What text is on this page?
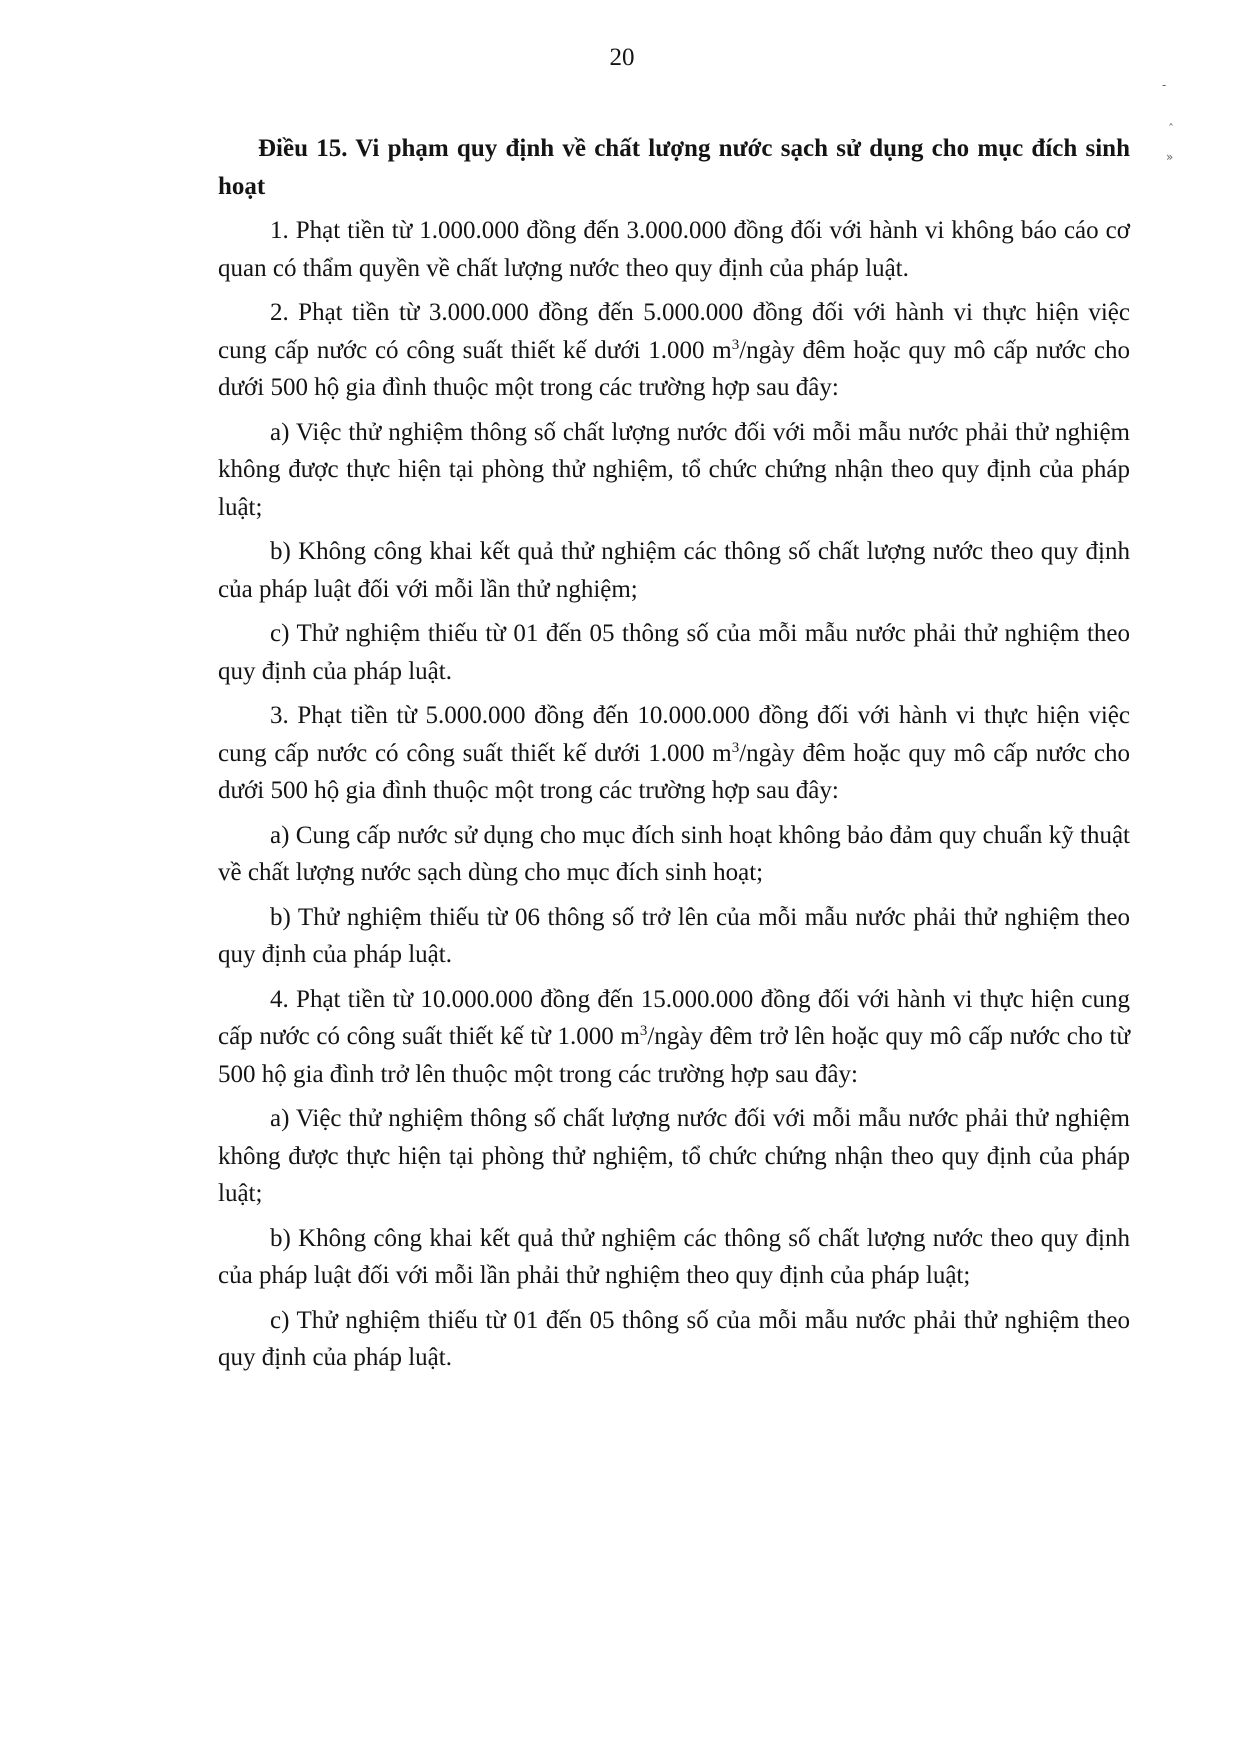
20
-
ˆ
»

Điều 15. Vi phạm quy định về chất lượng nước sạch sử dụng cho mục đích sinh hoạt

1. Phạt tiền từ 1.000.000 đồng đến 3.000.000 đồng đối với hành vi không báo cáo cơ quan có thẩm quyền về chất lượng nước theo quy định của pháp luật.

2. Phạt tiền từ 3.000.000 đồng đến 5.000.000 đồng đối với hành vi thực hiện việc cung cấp nước có công suất thiết kế dưới 1.000 $m^3$/ngày đêm hoặc quy mô cấp nước cho dưới 500 hộ gia đình thuộc một trong các trường hợp sau đây:

a) Việc thử nghiệm thông số chất lượng nước đối với mỗi mẫu nước phải thử nghiệm không được thực hiện tại phòng thử nghiệm, tổ chức chứng nhận theo quy định của pháp luật;

b) Không công khai kết quả thử nghiệm các thông số chất lượng nước theo quy định của pháp luật đối với mỗi lần thử nghiệm;

c) Thử nghiệm thiếu từ 01 đến 05 thông số của mỗi mẫu nước phải thử nghiệm theo quy định của pháp luật.

3. Phạt tiền từ 5.000.000 đồng đến 10.000.000 đồng đối với hành vi thực hiện việc cung cấp nước có công suất thiết kế dưới 1.000 $m^3$/ngày đêm hoặc quy mô cấp nước cho dưới 500 hộ gia đình thuộc một trong các trường hợp sau đây:

a) Cung cấp nước sử dụng cho mục đích sinh hoạt không bảo đảm quy chuẩn kỹ thuật về chất lượng nước sạch dùng cho mục đích sinh hoạt;

b) Thử nghiệm thiếu từ 06 thông số trở lên của mỗi mẫu nước phải thử nghiệm theo quy định của pháp luật.

4. Phạt tiền từ 10.000.000 đồng đến 15.000.000 đồng đối với hành vi thực hiện cung cấp nước có công suất thiết kế từ 1.000 $m^3$/ngày đêm trở lên hoặc quy mô cấp nước cho từ 500 hộ gia đình trở lên thuộc một trong các trường hợp sau đây:

a) Việc thử nghiệm thông số chất lượng nước đối với mỗi mẫu nước phải thử nghiệm không được thực hiện tại phòng thử nghiệm, tổ chức chứng nhận theo quy định của pháp luật;

b) Không công khai kết quả thử nghiệm các thông số chất lượng nước theo quy định của pháp luật đối với mỗi lần phải thử nghiệm theo quy định của pháp luật;

c) Thử nghiệm thiếu từ 01 đến 05 thông số của mỗi mẫu nước phải thử nghiệm theo quy định của pháp luật.
